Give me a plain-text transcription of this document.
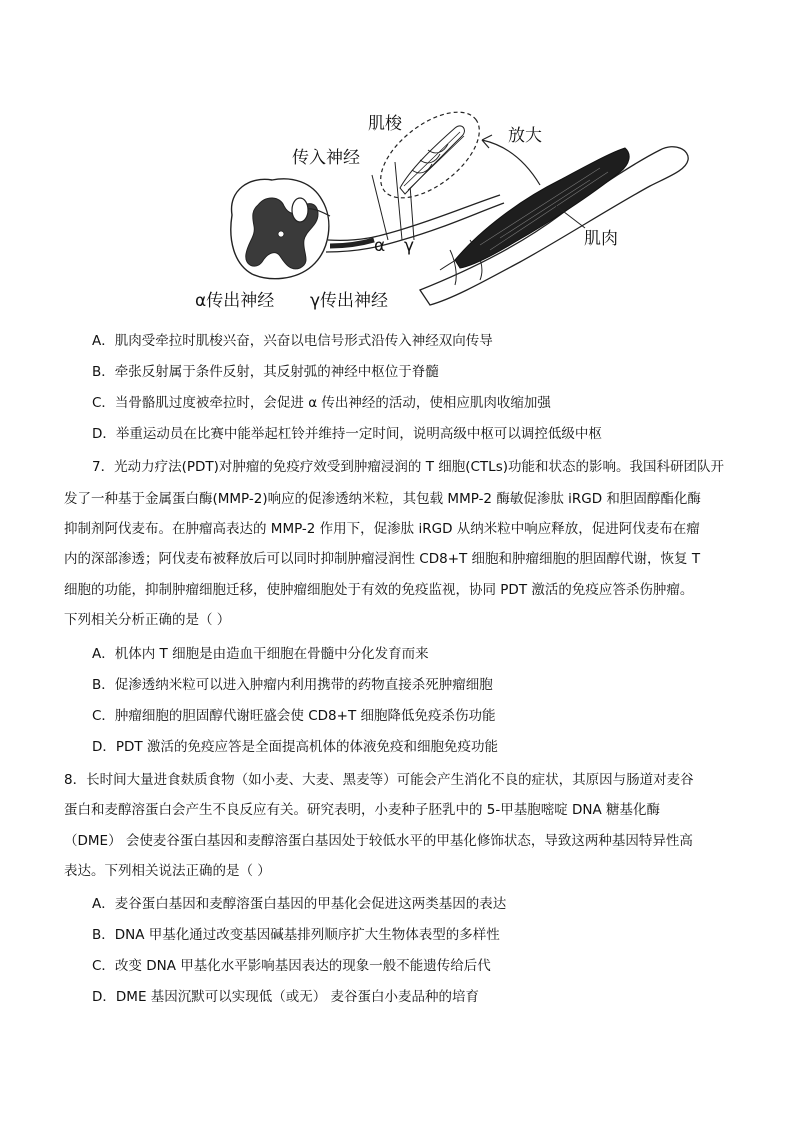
肌梭
传入神经
放大
肌肉
α γ
α传出神经 γ传出神经
A．肌肉受牵拉时肌梭兴奋，兴奋以电信号形式沿传入神经双向传导
B．牵张反射属于条件反射，其反射弧的神经中枢位于脊髓
C．当骨骼肌过度被牵拉时，会促进 α 传出神经的活动，使相应肌肉收缩加强
D．举重运动员在比赛中能举起杠铃并维持一定时间，说明高级中枢可以调控低级中枢
7．光动力疗法(PDT)对肿瘤的免疫疗效受到肿瘤浸润的 T 细胞(CTLs)功能和状态的影响。我国科研团队开
发了一种基于金属蛋白酶(MMP-2)响应的促渗透纳米粒，其包载 MMP-2 酶敏促渗肽 iRGD 和胆固醇酯化酶
抑制剂阿伐麦布。在肿瘤高表达的 MMP-2 作用下，促渗肽 iRGD 从纳米粒中响应释放，促进阿伐麦布在瘤
内的深部渗透；阿伐麦布被释放后可以同时抑制肿瘤浸润性 CD8+T 细胞和肿瘤细胞的胆固醇代谢，恢复 T
细胞的功能，抑制肿瘤细胞迁移，使肿瘤细胞处于有效的免疫监视，协同 PDT 激活的免疫应答杀伤肿瘤。
下列相关分析正确的是（ ）
A．机体内 T 细胞是由造血干细胞在骨髓中分化发育而来
B．促渗透纳米粒可以进入肿瘤内利用携带的药物直接杀死肿瘤细胞
C．肿瘤细胞的胆固醇代谢旺盛会使 CD8+T 细胞降低免疫杀伤功能
D．PDT 激活的免疫应答是全面提高机体的体液免疫和细胞免疫功能
8．长时间大量进食麸质食物（如小麦、大麦、黑麦等）可能会产生消化不良的症状，其原因与肠道对麦谷
蛋白和麦醇溶蛋白会产生不良反应有关。研究表明，小麦种子胚乳中的 5-甲基胞嘧啶 DNA 糖基化酶
（DME） 会使麦谷蛋白基因和麦醇溶蛋白基因处于较低水平的甲基化修饰状态，导致这两种基因特异性高
表达。下列相关说法正确的是（ ）
A．麦谷蛋白基因和麦醇溶蛋白基因的甲基化会促进这两类基因的表达
B．DNA 甲基化通过改变基因碱基排列顺序扩大生物体表型的多样性
C．改变 DNA 甲基化水平影响基因表达的现象一般不能遗传给后代
D．DME 基因沉默可以实现低（或无） 麦谷蛋白小麦品种的培育
